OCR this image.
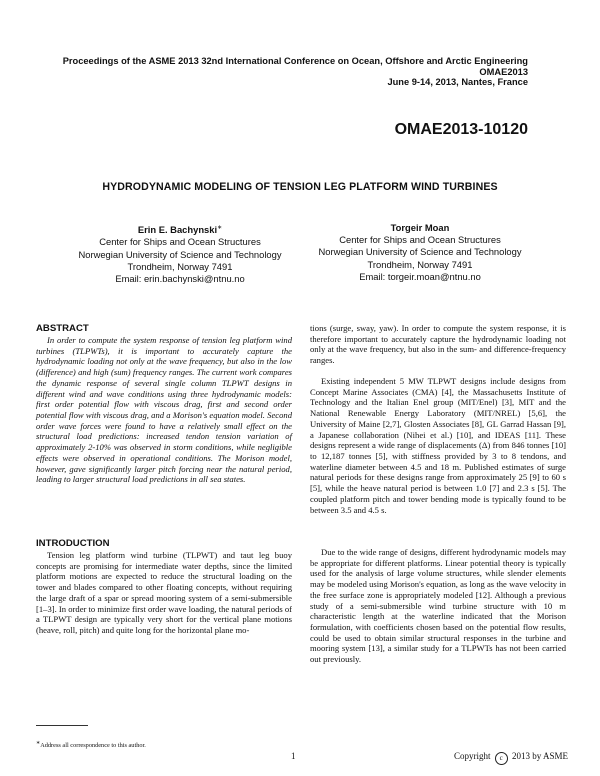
Proceedings of the ASME 2013 32nd International Conference on Ocean, Offshore and Arctic Engineering
OMAE2013
June 9-14, 2013, Nantes, France
OMAE2013-10120
HYDRODYNAMIC MODELING OF TENSION LEG PLATFORM WIND TURBINES
Erin E. Bachynski∗
Center for Ships and Ocean Structures
Norwegian University of Science and Technology
Trondheim, Norway 7491
Email: erin.bachynski@ntnu.no
Torgeir Moan
Center for Ships and Ocean Structures
Norwegian University of Science and Technology
Trondheim, Norway 7491
Email: torgeir.moan@ntnu.no
ABSTRACT
In order to compute the system response of tension leg platform wind turbines (TLPWTs), it is important to accurately capture the hydrodynamic loading not only at the wave frequency, but also in the low (difference) and high (sum) frequency ranges. The current work compares the dynamic response of several single column TLPWT designs in different wind and wave conditions using three hydrodynamic models: first order potential flow with viscous drag, first and second order potential flow with viscous drag, and a Morison's equation model. Second order wave forces were found to have a relatively small effect on the structural load predictions: increased tendon tension variation of approximately 2-10% was observed in storm conditions, while negligible effects were observed in operational conditions. The Morison model, however, gave significantly larger pitch forcing near the natural period, leading to larger structural load predictions in all sea states.
INTRODUCTION
Tension leg platform wind turbine (TLPWT) and taut leg buoy concepts are promising for intermediate water depths, since the limited platform motions are expected to reduce the structural loading on the tower and blades compared to other floating concepts, without requiring the large draft of a spar or spread mooring system of a semi-submersible [1–3]. In order to minimize first order wave loading, the natural periods of a TLPWT design are typically very short for the vertical plane motions (heave, roll, pitch) and quite long for the horizontal plane mo-
tions (surge, sway, yaw). In order to compute the system response, it is therefore important to accurately capture the hydrodynamic loading not only at the wave frequency, but also in the sum- and difference-frequency ranges.
Existing independent 5 MW TLPWT designs include designs from Concept Marine Associates (CMA) [4], the Massachusetts Institute of Technology and the Italian Enel group (MIT/Enel) [3], MIT and the National Renewable Energy Laboratory (MIT/NREL) [5,6], the University of Maine [2,7], Glosten Associates [8], GL Garrad Hassan [9], a Japanese collaboration (Nihei et al.) [10], and IDEAS [11]. These designs represent a wide range of displacements (Δ) from 846 tonnes [10] to 12,187 tonnes [5], with stiffness provided by 3 to 8 tendons, and waterline diameter between 4.5 and 18 m. Published estimates of surge natural periods for these designs range from approximately 25 [9] to 60 s [5], while the heave natural period is between 1.0 [7] and 2.3 s [5]. The coupled platform pitch and tower bending mode is typically found to be between 3.5 and 4.5 s.
Due to the wide range of designs, different hydrodynamic models may be appropriate for different platforms. Linear potential theory is typically used for the analysis of large volume structures, while slender elements may be modeled using Morison's equation, as long as the wave velocity in the free surface zone is appropriately modeled [12]. Although a previous study of a semi-submersible wind turbine structure with 10 m characteristic length at the waterline indicated that the Morison formulation, with coefficients chosen based on the potential flow results, could be used to obtain similar structural responses in the turbine and mooring system [13], a similar study for a TLPWTs has not been carried out previously.
∗Address all correspondence to this author.
1	Copyright c 2013 by ASME
